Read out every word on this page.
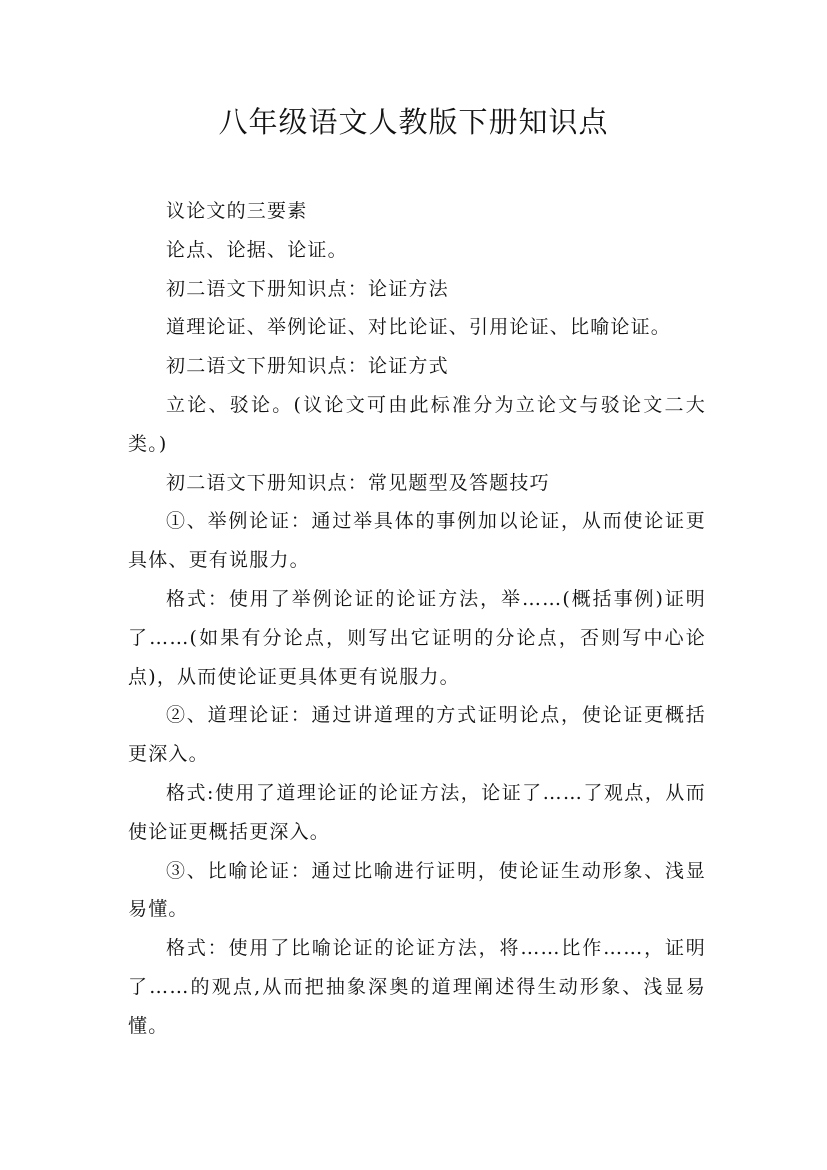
八年级语文人教版下册知识点

议论文的三要素

论点、论据、论证。

初二语文下册知识点：论证方法

道理论证、举例论证、对比论证、引用论证、比喻论证。

初二语文下册知识点：论证方式

立论、驳论。(议论文可由此标准分为立论文与驳论文二大类。)

初二语文下册知识点：常见题型及答题技巧

①、举例论证：通过举具体的事例加以论证，从而使论证更具体、更有说服力。

格式：使用了举例论证的论证方法，举……(概括事例)证明了……(如果有分论点，则写出它证明的分论点，否则写中心论点)，从而使论证更具体更有说服力。

②、道理论证：通过讲道理的方式证明论点，使论证更概括更深入。

格式:使用了道理论证的论证方法，论证了……了观点，从而使论证更概括更深入。

③、比喻论证：通过比喻进行证明，使论证生动形象、浅显易懂。

格式：使用了比喻论证的论证方法，将……比作……，证明了……的观点,从而把抽象深奥的道理阐述得生动形象、浅显易懂。
